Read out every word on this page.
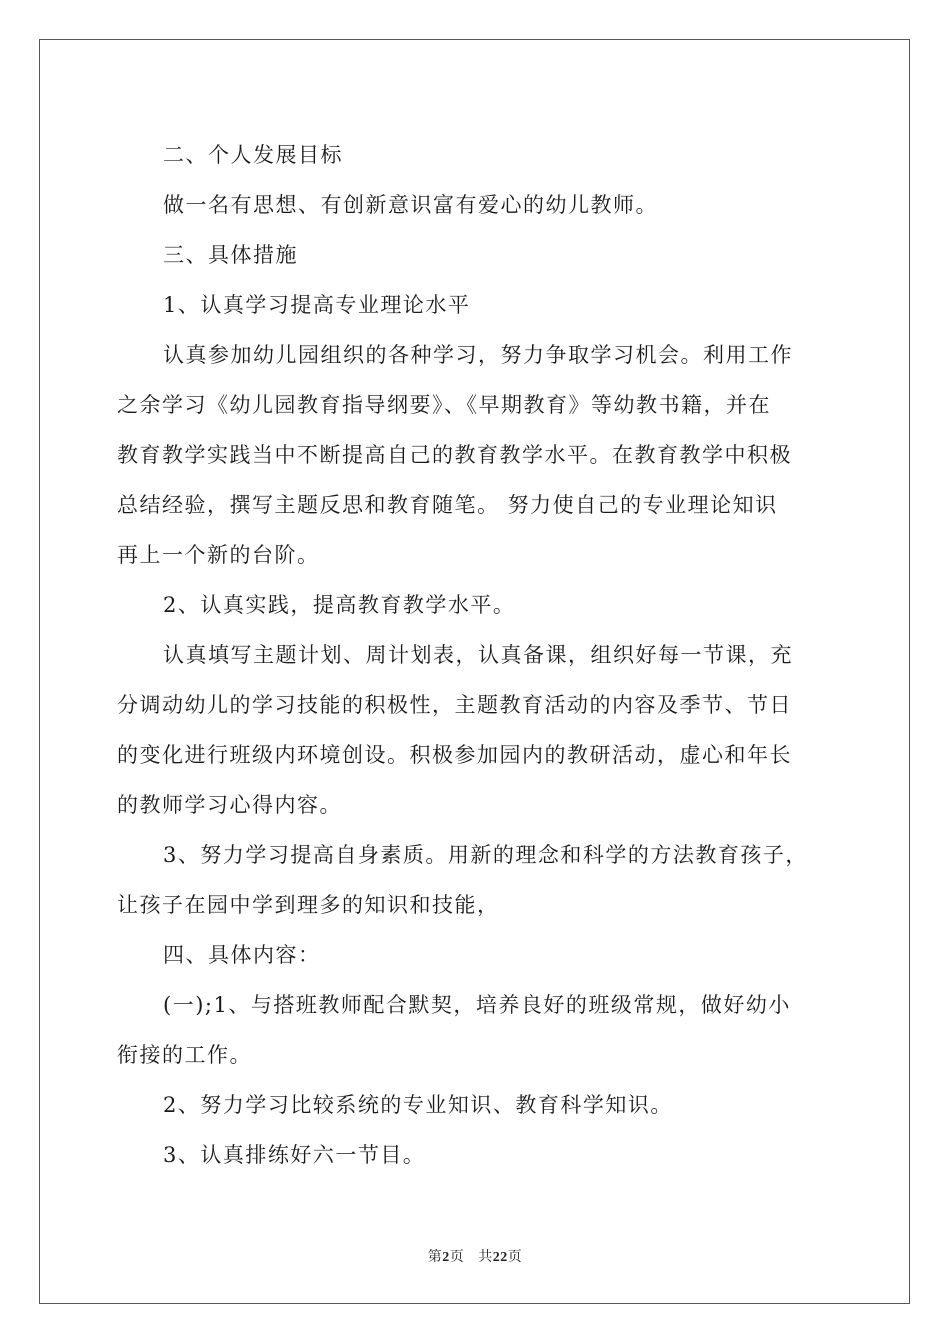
二、个人发展目标
做一名有思想、有创新意识富有爱心的幼儿教师。
三、具体措施
1、认真学习提高专业理论水平
认真参加幼儿园组织的各种学习，努力争取学习机会。利用工作
之余学习《幼儿园教育指导纲要》、《早期教育》等幼教书籍，并在
教育教学实践当中不断提高自己的教育教学水平。在教育教学中积极
总结经验，撰写主题反思和教育随笔。 努力使自己的专业理论知识
再上一个新的台阶。
2、认真实践，提高教育教学水平。
认真填写主题计划、周计划表，认真备课，组织好每一节课，充
分调动幼儿的学习技能的积极性，主题教育活动的内容及季节、节日
的变化进行班级内环境创设。积极参加园内的教研活动，虚心和年长
的教师学习心得内容。
3、努力学习提高自身素质。用新的理念和科学的方法教育孩子，
让孩子在园中学到理多的知识和技能，
四、具体内容：
(一);1、与搭班教师配合默契，培养良好的班级常规，做好幼小
衔接的工作。
2、努力学习比较系统的专业知识、教育科学知识。
3、认真排练好六一节目。
第2页 共22页
